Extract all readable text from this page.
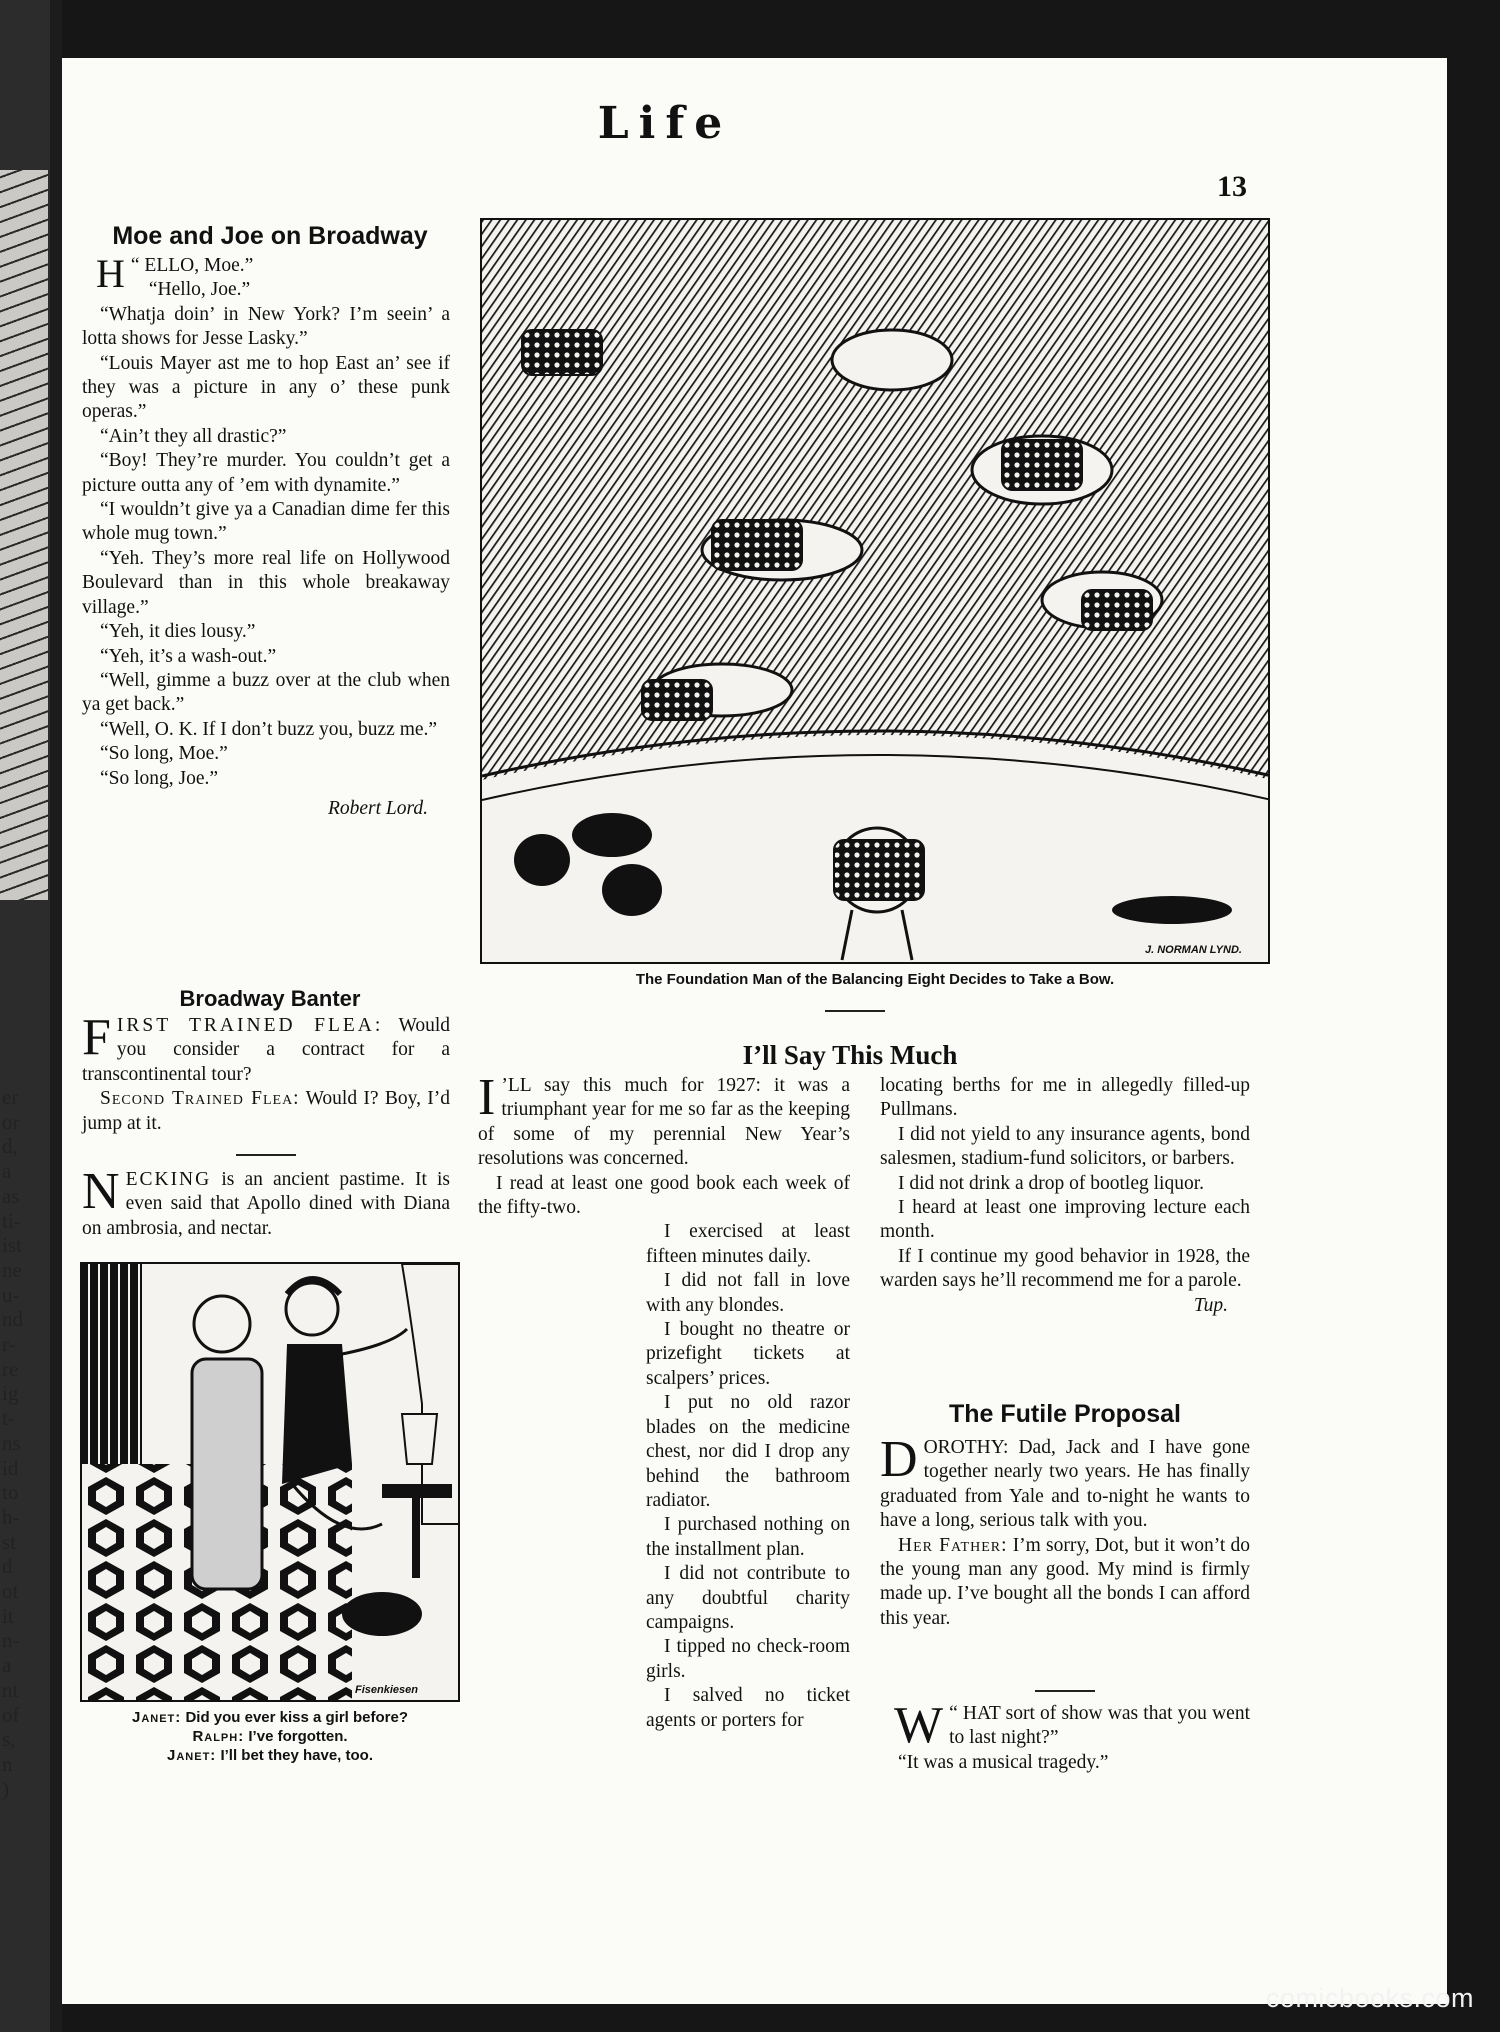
er
or
d,
a
as
ti-
ist
ne
u-
nd
r-
re
ig
t-
ns
id
to
h-
st
d
ot
it
n-
a
nt
of
s,
n
)
Life
13
Moe and Joe on Broadway

H “ ELLO, Moe.”

“Hello, Joe.”

“Whatja doin’ in New York? I’m seein’ a lotta shows for Jesse Lasky.”

“Louis Mayer ast me to hop East an’ see if they was a picture in any o’ these punk operas.”

“Ain’t they all drastic?”

“Boy! They’re murder. You couldn’t get a picture outta any of ’em with dynamite.”

“I wouldn’t give ya a Canadian dime fer this whole mug town.”

“Yeh. They’s more real life on Hollywood Boulevard than in this whole breakaway village.”

“Yeh, it dies lousy.”

“Yeh, it’s a wash-out.”

“Well, gimme a buzz over at the club when ya get back.”

“Well, O. K. If I don’t buzz you, buzz me.”

“So long, Moe.”

“So long, Joe.”

Robert Lord.

Broadway Banter

FIRST TRAINED FLEA: Would you consider a contract for a transcontinental tour?

Second Trained Flea: Would I? Boy, I’d jump at it.

NECKING is an ancient pastime. It is even said that Apollo dined with Diana on ambrosia, and nectar.

J. NORMAN LYND.
The Foundation Man of the Balancing Eight Decides to Take a Bow.
I’ll Say This Much

I ’LL say this much for 1927: it was a triumphant year for me so far as the keeping of some of my perennial New Year’s resolutions was concerned.

I read at least one good book each week of the fifty-two.

I exercised at least fifteen minutes daily.

I did not fall in love with any blondes.

I bought no theatre or prizefight tickets at scalpers’ prices.

I put no old razor blades on the medicine chest, nor did I drop any behind the bathroom radiator.

I purchased nothing on the installment plan.

I did not contribute to any doubtful charity campaigns.

I tipped no check-room girls.

I salved no ticket agents or porters for

locating berths for me in allegedly filled-up Pullmans.

I did not yield to any insurance agents, bond salesmen, stadium-fund solicitors, or barbers.

I did not drink a drop of bootleg liquor.

I heard at least one improving lecture each month.

If I continue my good behavior in 1928, the warden says he’ll recommend me for a parole.

Tup.

The Futile Proposal

DOROTHY: Dad, Jack and I have gone together nearly two years. He has finally graduated from Yale and to-night he wants to have a long, serious talk with you.

Her Father: I’m sorry, Dot, but it won’t do the young man any good. My mind is firmly made up. I’ve bought all the bonds I can afford this year.

W “ HAT sort of show was that you went to last night?”

“It was a musical tragedy.”

Fisenkiesen
Janet: Did you ever kiss a girl before?
Ralph: I’ve forgotten.
Janet: I’ll bet they have, too.
comicbooks.com
